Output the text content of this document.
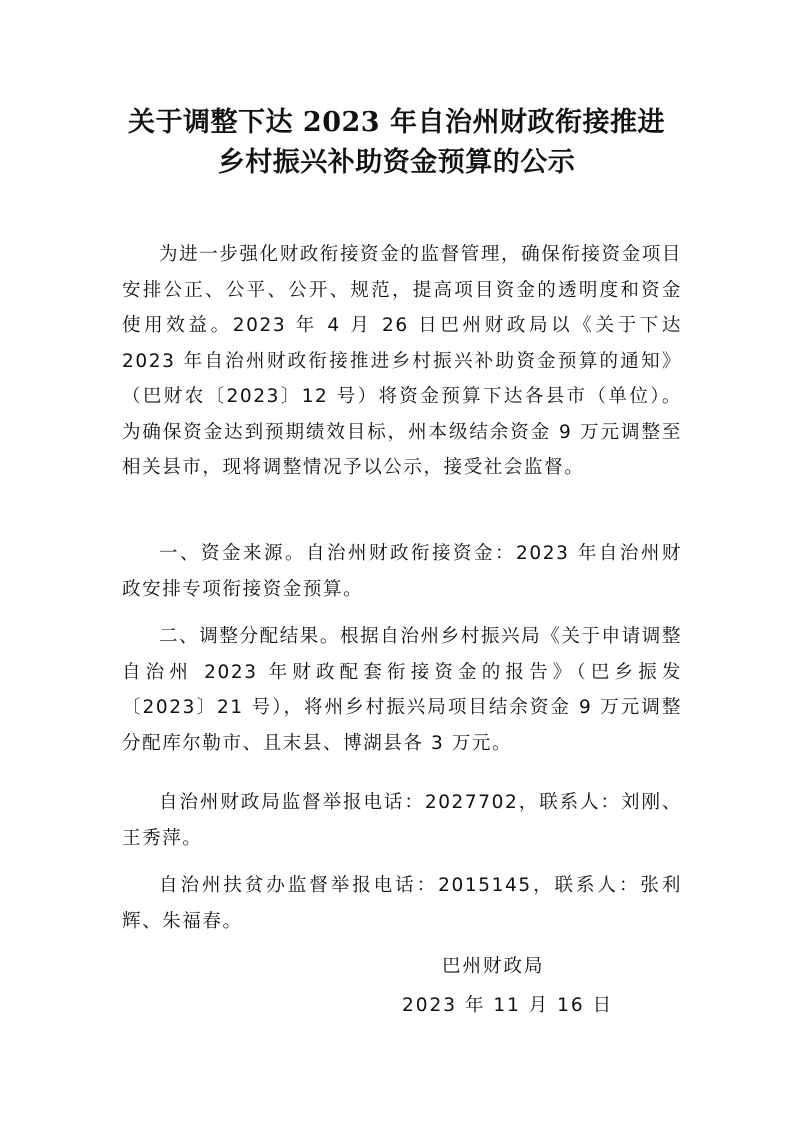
关于调整下达 2023 年自治州财政衔接推进
乡村振兴补助资金预算的公示

为进一步强化财政衔接资金的监督管理，确保衔接资金项目安排公正、公平、公开、规范，提高项目资金的透明度和资金使用效益。2023 年 4 月 26 日巴州财政局以《关于下达 2023 年自治州财政衔接推进乡村振兴补助资金预算的通知》（巴财农〔2023〕12 号）将资金预算下达各县市（单位）。为确保资金达到预期绩效目标，州本级结余资金 9 万元调整至相关县市，现将调整情况予以公示，接受社会监督。

一、资金来源。自治州财政衔接资金：2023 年自治州财政安排专项衔接资金预算。

二、调整分配结果。根据自治州乡村振兴局《关于申请调整自治州 2023 年财政配套衔接资金的报告》（巴乡振发〔2023〕21 号），将州乡村振兴局项目结余资金 9 万元调整分配库尔勒市、且末县、博湖县各 3 万元。

自治州财政局监督举报电话：2027702，联系人：刘刚、王秀萍。

自治州扶贫办监督举报电话：2015145，联系人：张利辉、朱福春。

巴州财政局
2023 年 11 月 16 日
